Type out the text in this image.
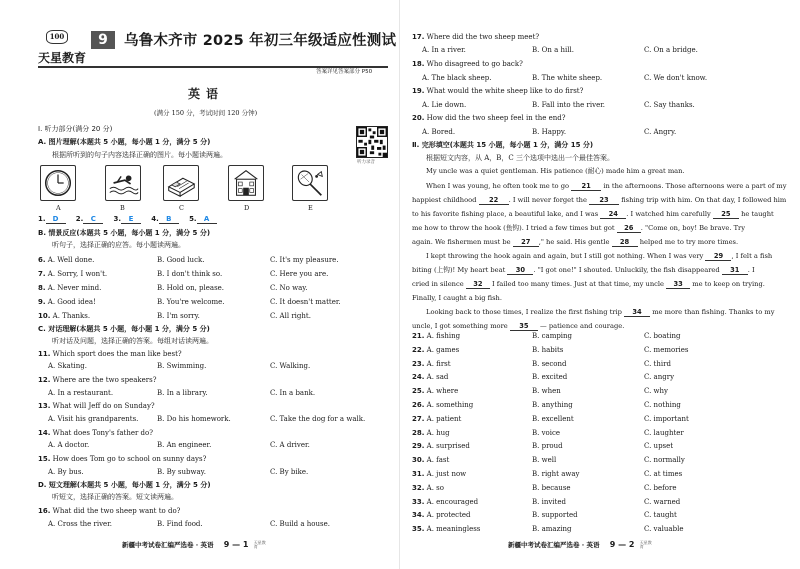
100	9	乌鲁木齐市 2025 年初三年级适应性测试
天星教育
答案详见答案部分 P50
英语
(满分 150 分，考试时间 120 分钟)
Ⅰ. 听力部分(满分 20 分)
A. 图片理解(本题共 5 小题，每小题 1 分，满分 5 分)
根据所听到的句子内容选择正确的图片。每小题读两遍。
听力录音
A	B	C	D	E
1. D 2. C	3. E	4. B	5. A
B. 情景反应(本题共 5 小题，每小题 1 分，满分 5 分)
听句子，选择正确的应答。每小题读两遍。
6. A. Well done.	B. Good luck.	C. It's my pleasure.
7. A. Sorry, I won't.	B. I don't think so.	C. Here you are.
8. A. Never mind.	B. Hold on, please.	C. No way.
9. A. Good idea!	B. You're welcome.	C. It doesn't matter.
10. A. Thanks.	B. I'm sorry.	C. All right.
C. 对话理解(本题共 5 小题，每小题 1 分，满分 5 分)
听对话及问题，选择正确的答案。每组对话读两遍。
11. Which sport does the man like best?
A. Skating.	B. Swimming.	C. Walking.
12. Where are the two speakers?
A. In a restaurant.	B. In a library.	C. In a bank.
13. What will Jeff do on Sunday?
A. Visit his grandparents.	B. Do his homework.	C. Take the dog for a walk.
14. What does Tony's father do?
A. A doctor.	B. An engineer.	C. A driver.
15. How does Tom go to school on sunny days?
A. By bus.	B. By subway.	C. By bike.
D. 短文理解(本题共 5 小题，每小题 1 分，满分 5 分)
听短文，选择正确的答案。短文读两遍。
16. What did the two sheep want to do?
A. Cross the river.	B. Find food.	C. Build a house.
新疆中考试卷汇编严选卷 · 英语 9 — 1 天星教育
17. Where did the two sheep meet?
A. In a river.	B. On a hill.	C. On a bridge.
18. Who disagreed to go back?
A. The black sheep.	B. The white sheep.	C. We don't know.
19. What would the white sheep like to do first?
A. Lie down.	B. Fall into the river.	C. Say thanks.
20. How did the two sheep feel in the end?
A. Bored.	B. Happy.	C. Angry.
Ⅱ. 完形填空(本题共 15 小题，每小题 1 分，满分 15 分)
根据短文内容，从 A，B，C 三个选项中选出一个最佳答案。
My uncle was a quiet gentleman. His patience (耐心) made him a great man.
When I was young, he often took me to go 21 in the afternoons. Those afternoons were a part of my
happiest childhood 22 . I will never forget the 23 fishing trip with him. On that day, I followed him
to his favorite fishing place, a beautiful lake, and I was 24 . I watched him carefully 25 he taught
me how to throw the hook (鱼钩). I tried a few times but got 26 . "Come on, boy! Be brave. Try
again. We fishermen must be 27 ," he said. His gentle 28 helped me to try more times.
I kept throwing the hook again and again, but I still got nothing. When I was very 29 , I felt a fish
biting (上钩)! My heart beat 30 . "I got one!" I shouted. Unluckily, the fish disappeared 31 . I
cried in silence 32 I failed too many times. Just at that time, my uncle 33 me to keep on trying.
Finally, I caught a big fish.
Looking back to those times, I realize the first fishing trip 34 me more than fishing. Thanks to my
uncle, I got something more 35 — patience and courage.
21. A. fishing	B. camping	C. boating
22. A. games	B. habits	C. memories
23. A. first	B. second	C. third
24. A. sad	B. excited	C. angry
25. A. where	B. when	C. why
26. A. something	B. anything	C. nothing
27. A. patient	B. excellent	C. important
28. A. hug	B. voice	C. laughter
29. A. surprised	B. proud	C. upset
30. A. fast	B. well	C. normally
31. A. just now	B. right away	C. at times
32. A. so	B. because	C. before
33. A. encouraged	B. invited	C. warned
34. A. protected	B. supported	C. taught
35. A. meaningless	B. amazing	C. valuable
新疆中考试卷汇编严选卷 · 英语 9 — 2 天星教育
